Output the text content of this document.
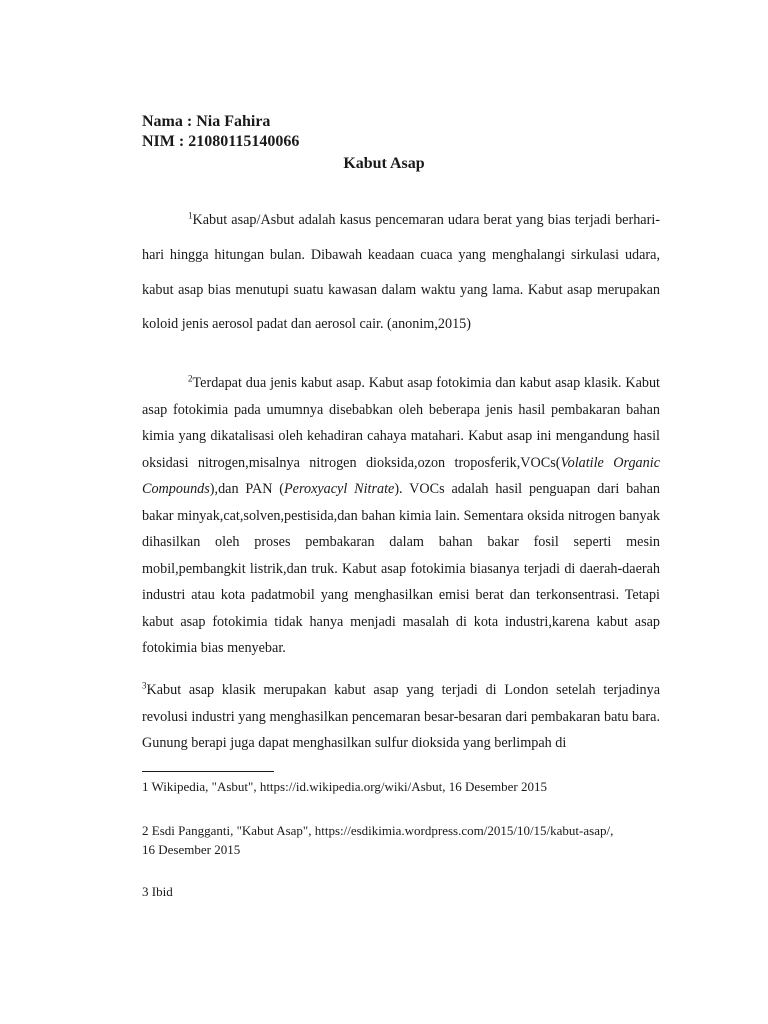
Nama : Nia Fahira
NIM : 21080115140066
Kabut Asap

$^1$Kabut asap/Asbut adalah kasus pencemaran udara berat yang bias terjadi berhari-hari hingga hitungan bulan. Dibawah keadaan cuaca yang menghalangi sirkulasi udara, kabut asap bias menutupi suatu kawasan dalam waktu yang lama. Kabut asap merupakan koloid jenis aerosol padat dan aerosol cair. (anonim,2015)

$^2$Terdapat dua jenis kabut asap. Kabut asap fotokimia dan kabut asap klasik. Kabut asap fotokimia pada umumnya disebabkan oleh beberapa jenis hasil pembakaran bahan kimia yang dikatalisasi oleh kehadiran cahaya matahari. Kabut asap ini mengandung hasil oksidasi nitrogen,misalnya nitrogen dioksida,ozon troposferik,VOCs(Volatile Organic Compounds),dan PAN (Peroxyacyl Nitrate). VOCs adalah hasil penguapan dari bahan bakar minyak,cat,solven,pestisida,dan bahan kimia lain. Sementara oksida nitrogen banyak dihasilkan oleh proses pembakaran dalam bahan bakar fosil seperti mesin mobil,pembangkit listrik,dan truk. Kabut asap fotokimia biasanya terjadi di daerah-daerah industri atau kota padatmobil yang menghasilkan emisi berat dan terkonsentrasi. Tetapi kabut asap fotokimia tidak hanya menjadi masalah di kota industri,karena kabut asap fotokimia bias menyebar.

$^3$Kabut asap klasik merupakan kabut asap yang terjadi di London setelah terjadinya revolusi industri yang menghasilkan pencemaran besar-besaran dari pembakaran batu bara. Gunung berapi juga dapat menghasilkan sulfur dioksida yang berlimpah di

1 Wikipedia, "Asbut", https://id.wikipedia.org/wiki/Asbut, 16 Desember 2015
2 Esdi Pangganti, "Kabut Asap", https://esdikimia.wordpress.com/2015/10/15/kabut-asap/,
16 Desember 2015
3 Ibid
